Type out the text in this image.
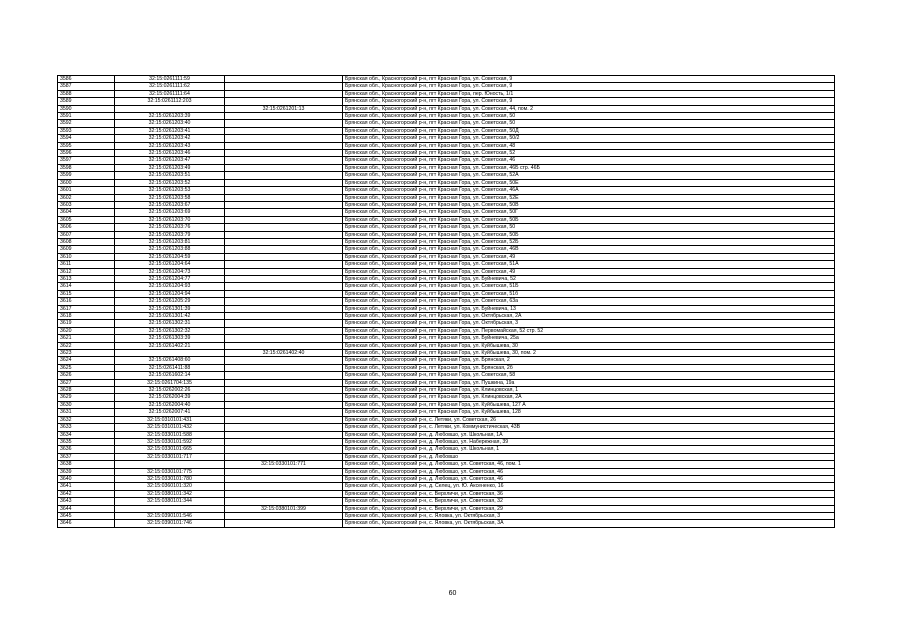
3586	32:15:0261111:59		Брянская обл., Красногорский р-н, пгт Красная Гора, ул. Советская, 9
3587	32:15:0261111:62		Брянская обл., Красногорский р-н, пгт Красная Гора, ул. Советская, 9
3588	32:15:0261111:64		Брянская обл., Красногорский р-н, пгт Красная Гора, пер. Юность, 1/1
3589	32:15:0261112:203		Брянская обл., Красногорский р-н, пгт Красная Гора, ул. Советская, 9
3590		32:15:0261201:13	Брянская обл., Красногорский р-н, пгт Красная Гора, ул. Советская, 44, пом. 2
3591	32:15:0261203:39		Брянская обл., Красногорский р-н, пгт Красная Гора, ул. Советская, 50
3592	32:15:0261203:40		Брянская обл., Красногорский р-н, пгт Красная Гора, ул. Советская, 50
3593	32:15:0261203:41		Брянская обл., Красногорский р-н, пгт Красная Гора, ул. Советская, 50Д
3594	32:15:0261203:42		Брянская обл., Красногорский р-н, пгт Красная Гора, ул. Советская, 50/2
3595	32:15:0261203:43		Брянская обл., Красногорский р-н, пгт Красная Гора, ул. Советская, 48
3596	32:15:0261203:46		Брянская обл., Красногорский р-н, пгт Красная Гора, ул. Советская, 52
3597	32:15:0261203:47		Брянская обл., Красногорский р-н, пгт Красная Гора, ул. Советская, 46
3598	32:15:0261203:49		Брянская обл., Красногорский р-н, пгт Красная Гора, ул. Советская, 46Б стр. 46Б
3599	32:15:0261203:51		Брянская обл., Красногорский р-н, пгт Красная Гора, ул. Советская, 52А
3600	32:15:0261203:52		Брянская обл., Красногорский р-н, пгт Красная Гора, ул. Советская, 50Е
3601	32:15:0261203:53		Брянская обл., Красногорский р-н, пгт Красная Гора, ул. Советская, 46А
3602	32:15:0261203:58		Брянская обл., Красногорский р-н, пгт Красная Гора, ул. Советская, 52Е
3603	32:15:0261203:67		Брянская обл., Красногорский р-н, пгт Красная Гора, ул. Советская, 50В
3604	32:15:0261203:69		Брянская обл., Красногорский р-н, пгт Красная Гора, ул. Советская, 50Г
3605	32:15:0261203:70		Брянская обл., Красногорский р-н, пгт Красная Гора, ул. Советская, 50Б
3606	32:15:0261203:76		Брянская обл., Красногорский р-н, пгт Красная Гора, ул. Советская, 50
3607	32:15:0261203:79		Брянская обл., Красногорский р-н, пгт Красная Гора, ул. Советская, 50Б
3608	32:15:0261203:81		Брянская обл., Красногорский р-н, пгт Красная Гора, ул. Советская, 52Б
3609	32:15:0261203:88		Брянская обл., Красногорский р-н, пгт Красная Гора, ул. Советская, 46В
3610	32:15:0261204:59		Брянская обл., Красногорский р-н, пгт Красная Гора, ул. Советская, 49
3611	32:15:0261204:64		Брянская обл., Красногорский р-н, пгт Красная Гора, ул. Советская, 51А
3612	32:15:0261204:73		Брянская обл., Красногорский р-н, пгт Красная Гора, ул. Советская, 49
3613	32:15:0261204:77		Брянская обл., Красногорский р-н, пгт Красная Гора, ул. Буйневича, 52
3614	32:15:0261204:93		Брянская обл., Красногорский р-н, пгт Красная Гора, ул. Советская, 51Б
3615	32:15:0261204:94		Брянская обл., Красногорский р-н, пгт Красная Гора, ул. Советская, 51б
3616	32:15:0261205:29		Брянская обл., Красногорский р-н, пгт Красная Гора, ул. Советская, 63а
3617	32:15:0261301:39		Брянская обл., Красногорский р-н, пгт Красная Гора, ул. Буйневича, 13
3618	32:15:0261301:42		Брянская обл., Красногорский р-н, пгт Красная Гора, ул. Октябрьская, 2А
3619	32:15:0261302:31		Брянская обл., Красногорский р-н, пгт Красная Гора, ул. Октябрьская, 3
3620	32:15:0261302:32		Брянская обл., Красногорский р-н, пгт Красная Гора, ул. Первомайская, 52 стр. 52
3621	32:15:0261303:39		Брянская обл., Красногорский р-н, пгт Красная Гора, ул. Буйневича, 25а
3622	32:15:0261402:21		Брянская обл., Красногорский р-н, пгт Красная Гора, ул. Куйбышева, 30
3623		32:15:0261402:40	Брянская обл., Красногорский р-н, пгт Красная Гора, ул. Куйбышева, 30, пом. 2
3624	32:15:0261408:60		Брянская обл., Красногорский р-н, пгт Красная Гора, ул. Брянская, 2
3625	32:15:0261411:88		Брянская обл., Красногорский р-н, пгт Красная Гора, ул. Брянская, 2б
3626	32:15:0261602:14		Брянская обл., Красногорский р-н, пгт Красная Гора, ул. Советская, 58
3627	32:15:0261704:135		Брянская обл., Красногорский р-н, пгт Красная Гора, ул. Пушкина, 19а
3628	32:15:0262002:26		Брянская обл., Красногорский р-н, пгт Красная Гора, ул. Клинцовская, 1
3629	32:15:0262004:39		Брянская обл., Красногорский р-н, пгт Красная Гора, ул. Клинцовская, 2А
3630	32:15:0262004:40		Брянская обл., Красногорский р-н, пгт Красная Гора, ул. Куйбышева, 127 А
3631	32:15:0262007:41		Брянская обл., Красногорский р-н, пгт Красная Гора, ул. Куйбышева, 128
3632	32:15:0310101:431		Брянская обл., Красногорский р-н, с. Летяки, ул. Советская, 26
3633	32:15:0310101:432		Брянская обл., Красногорский р-н, с. Летяки, ул. Коммунистическая, 43В
3634	32:15:0330101:588		Брянская обл., Красногорский р-н, д. Любовшо, ул. Школьная, 1А
3635	32:15:0330101:592		Брянская обл., Красногорский р-н, д. Любовшо, ул. Набережная, 39
3636	32:15:0330101:665		Брянская обл., Красногорский р-н, д. Любовшо, ул. Школьная, 1
3637	32:15:0330101:717		Брянская обл., Красногорский р-н, д. Любовшо
3638		32:15:0330101:771	Брянская обл., Красногорский р-н, д. Любовшо, ул. Советская, 46, пом. 1
3639	32:15:0330101:775		Брянская обл., Красногорский р-н, д. Любовшо, ул. Советская, 46
3640	32:15:0330101:780		Брянская обл., Красногорский р-н, д. Любовшо, ул. Советская, 46
3641	32:15:0360101:320		Брянская обл., Красногорский р-н, д. Селец, ул. Ю. Аксененко, 16
3642	32:15:0380101:342		Брянская обл., Красногорский р-н, с. Верхличи, ул. Советская, 36
3643	32:15:0380101:344		Брянская обл., Красногорский р-н, с. Верхличи, ул. Советская, 32
3644		32:15:0380101:399	Брянская обл., Красногорский р-н, с. Верхличи, ул. Советская, 29
3645	32:15:0390101:546		Брянская обл., Красногорский р-н, с. Яловка, ул. Октябрьская, 3
3646	32:15:0390101:746		Брянская обл., Красногорский р-н, с. Яловка, ул. Октябрьская, 3А
60
